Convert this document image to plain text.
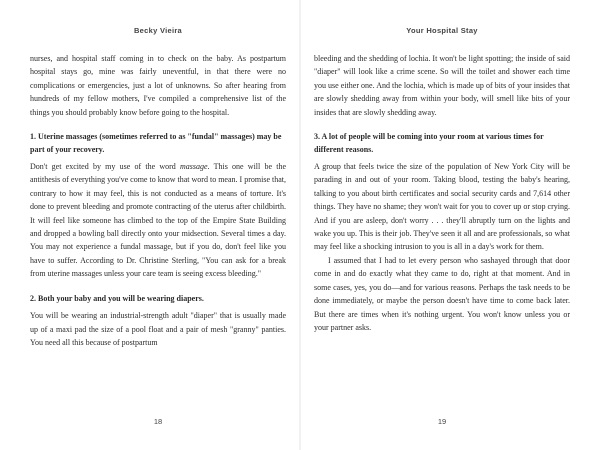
Becky Vieira

nurses, and hospital staff coming in to check on the baby. As postpartum hospital stays go, mine was fairly uneventful, in that there were no complications or emergencies, just a lot of unknowns. So after hearing from hundreds of my fellow mothers, I've compiled a comprehensive list of the things you should probably know before going to the hospital.

1. Uterine massages (sometimes referred to as "fundal" massages) may be part of your recovery.

Don't get excited by my use of the word massage. This one will be the antithesis of everything you've come to know that word to mean. I promise that, contrary to how it may feel, this is not conducted as a means of torture. It's done to prevent bleeding and promote contracting of the uterus after childbirth. It will feel like someone has climbed to the top of the Empire State Building and dropped a bowling ball directly onto your midsection. Several times a day. You may not experience a fundal massage, but if you do, don't feel like you have to suffer. According to Dr. Christine Sterling, "You can ask for a break from uterine massages unless your care team is seeing excess bleeding."

2. Both your baby and you will be wearing diapers.

You will be wearing an industrial-strength adult "diaper" that is usually made up of a maxi pad the size of a pool float and a pair of mesh "granny" panties. You need all this because of postpartum

18
Your Hospital Stay

bleeding and the shedding of lochia. It won't be light spotting; the inside of said "diaper" will look like a crime scene. So will the toilet and shower each time you use either one. And the lochia, which is made up of bits of your insides that are slowly shedding away from within your body, will smell like bits of your insides that are slowly shedding away.

3. A lot of people will be coming into your room at various times for different reasons.

A group that feels twice the size of the population of New York City will be parading in and out of your room. Taking blood, testing the baby's hearing, talking to you about birth certificates and social security cards and 7,614 other things. They have no shame; they won't wait for you to cover up or stop crying. And if you are asleep, don't worry . . . they'll abruptly turn on the lights and wake you up. This is their job. They've seen it all and are professionals, so what may feel like a shocking intrusion to you is all in a day's work for them.

I assumed that I had to let every person who sashayed through that door come in and do exactly what they came to do, right at that moment. And in some cases, yes, you do—and for various reasons. Perhaps the task needs to be done immediately, or maybe the person doesn't have time to come back later. But there are times when it's nothing urgent. You won't know unless you or your partner asks.

19
